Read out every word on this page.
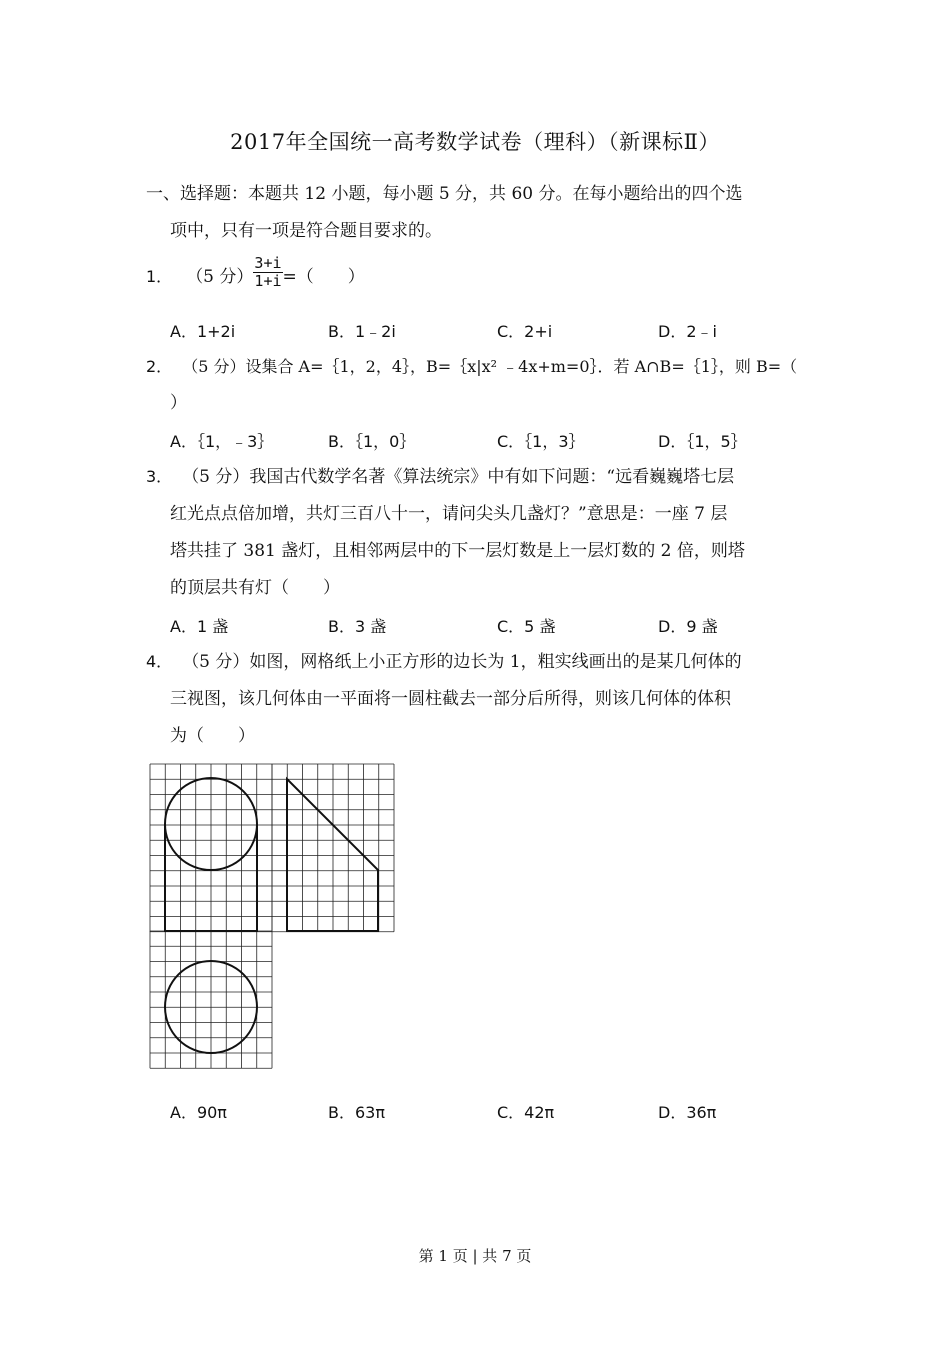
2017年全国统一高考数学试卷（理科）（新课标Ⅱ）
一、选择题：本题共 12 小题，每小题 5 分，共 60 分。在每小题给出的四个选
项中，只有一项是符合题目要求的。
1． （5 分） $\frac{3+i}{1+i}$ =（　　）
A．1+2i	B．1﹣2i	C．2+i	D．2﹣i
2． （5 分）设集合 A=｛1，2，4｝，B=｛x|x² ﹣4x+m=0｝．若 A∩B=｛1｝，则 B=（
）
A．｛1，﹣3｝	B．｛1，0｝	C．｛1，3｝	D．｛1，5｝
3． （5 分）我国古代数学名著《算法统宗》中有如下问题：“远看巍巍塔七层
红光点点倍加增，共灯三百八十一，请问尖头几盏灯？”意思是：一座 7 层
塔共挂了 381 盏灯，且相邻两层中的下一层灯数是上一层灯数的 2 倍，则塔
的顶层共有灯（　　）
A．1 盏	B．3 盏	C．5 盏	D．9 盏
4． （5 分）如图，网格纸上小正方形的边长为 1，粗实线画出的是某几何体的
三视图，该几何体由一平面将一圆柱截去一部分后所得，则该几何体的体积
为（　　）
A．90π	B．63π	C．42π	D．36π
第 1 页 | 共 7 页
